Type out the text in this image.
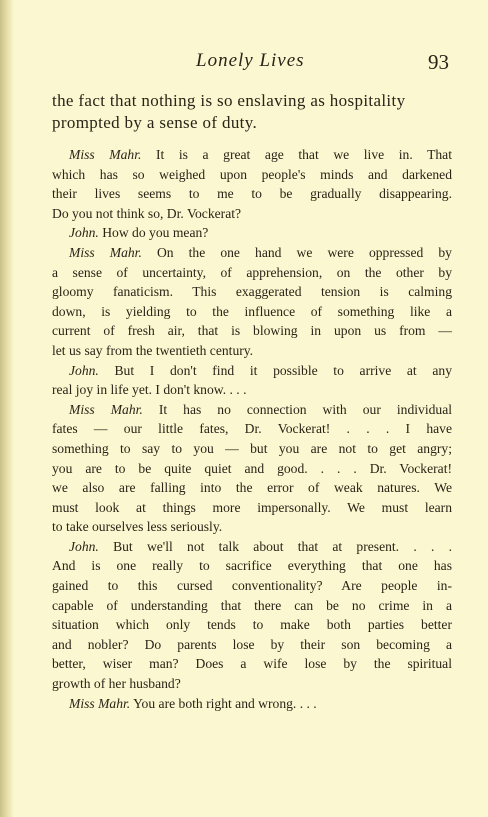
Lonely Lives	93
the fact that nothing is so enslaving as hospitality
prompted by a sense of duty.
Miss Mahr. It is a great age that we live in. That
which has so weighed upon people's minds and darkened
their lives seems to me to be gradually disappearing.
Do you not think so, Dr. Vockerat?
John. How do you mean?
Miss Mahr. On the one hand we were oppressed by
a sense of uncertainty, of apprehension, on the other by
gloomy fanaticism. This exaggerated tension is calming
down, is yielding to the influence of something like a
current of fresh air, that is blowing in upon us from —
let us say from the twentieth century.
John. But I don't find it possible to arrive at any
real joy in life yet. I don't know. . . .
Miss Mahr. It has no connection with our individual
fates — our little fates, Dr. Vockerat! . . . I have
something to say to you — but you are not to get angry;
you are to be quite quiet and good. . . . Dr. Vockerat!
we also are falling into the error of weak natures. We
must look at things more impersonally. We must learn
to take ourselves less seriously.
John. But we'll not talk about that at present. . . .
And is one really to sacrifice everything that one has
gained to this cursed conventionality? Are people in-
capable of understanding that there can be no crime in a
situation which only tends to make both parties better
and nobler? Do parents lose by their son becoming a
better, wiser man? Does a wife lose by the spiritual
growth of her husband?
Miss Mahr. You are both right and wrong. . . .
